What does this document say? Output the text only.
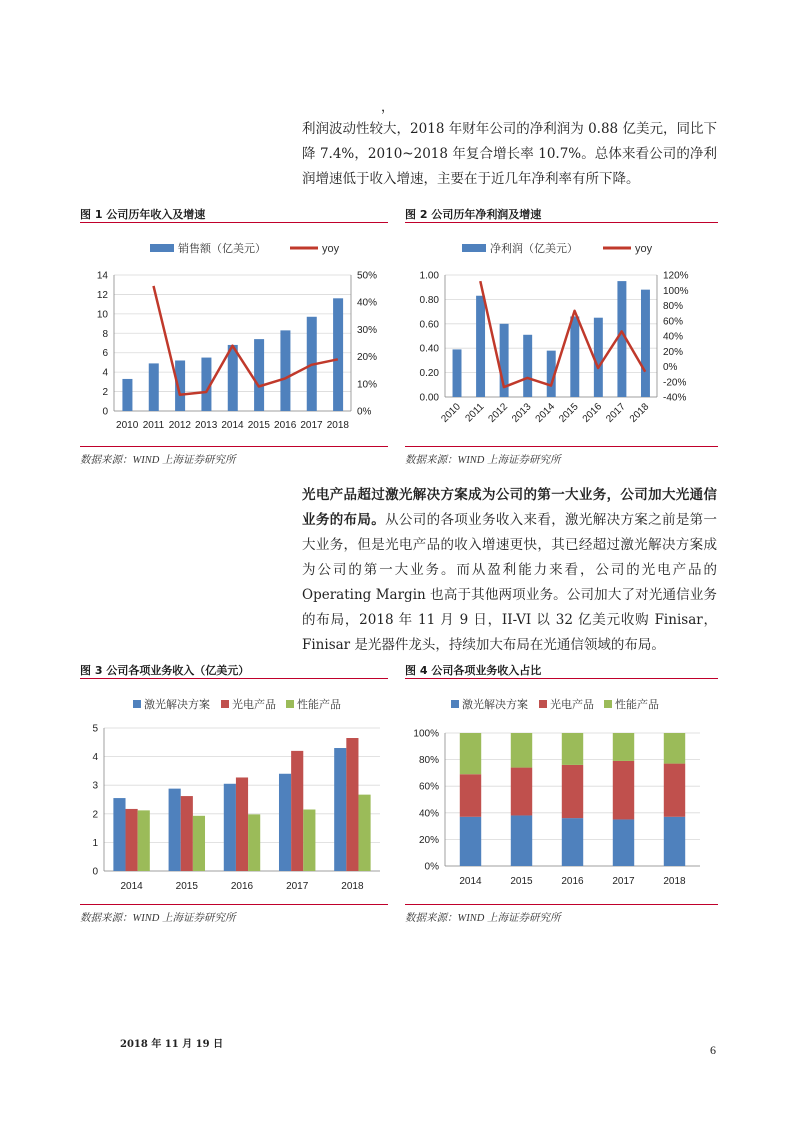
，
利润波动性较大，2018 年财年公司的净利润为 0.88 亿美元，同比下降 7.4%，2010~2018 年复合增长率 10.7%。总体来看公司的净利润增速低于收入增速，主要在于近几年净利率有所下降。
图 1 公司历年收入及增速	图 2 公司历年净利润及增速
销售额（亿美元）	yoy
0
2
4
6
8
10
12
14
0%
10%
20%
30%
40%
50%
2010 2011 2012 2013 2014 2015 2016 2017 2018
净利润（亿美元）	yoy
0.00
0.20
0.40
0.60
0.80
1.00
-40%
-20%
0%
20%
40%
60%
80%
100%
120%
2010 2011 2012 2013 2014 2015 2016 2017 2018
数据来源：WIND 上海证券研究所	数据来源：WIND 上海证券研究所
光电产品超过激光解决方案成为公司的第一大业务，公司加大光通信业务的布局。从公司的各项业务收入来看，激光解决方案之前是第一大业务，但是光电产品的收入增速更快，其已经超过激光解决方案成为公司的第一大业务。而从盈利能力来看，公司的光电产品的 Operating Margin 也高于其他两项业务。公司加大了对光通信业务的布局，2018 年 11 月 9 日，II-VI 以 32 亿美元收购 Finisar，Finisar 是光器件龙头，持续加大布局在光通信领域的布局。
图 3 公司各项业务收入（亿美元）	图 4 公司各项业务收入占比
激光解决方案 光电产品 性能产品
0
1
2
3
4
5
2014	2015	2016	2017	2018
激光解决方案 光电产品 性能产品
0%
20%
40%
60%
80%
100%
2014	2015	2016	2017	2018
数据来源：WIND 上海证券研究所	数据来源：WIND 上海证券研究所
2018 年 11 月 19 日	6
